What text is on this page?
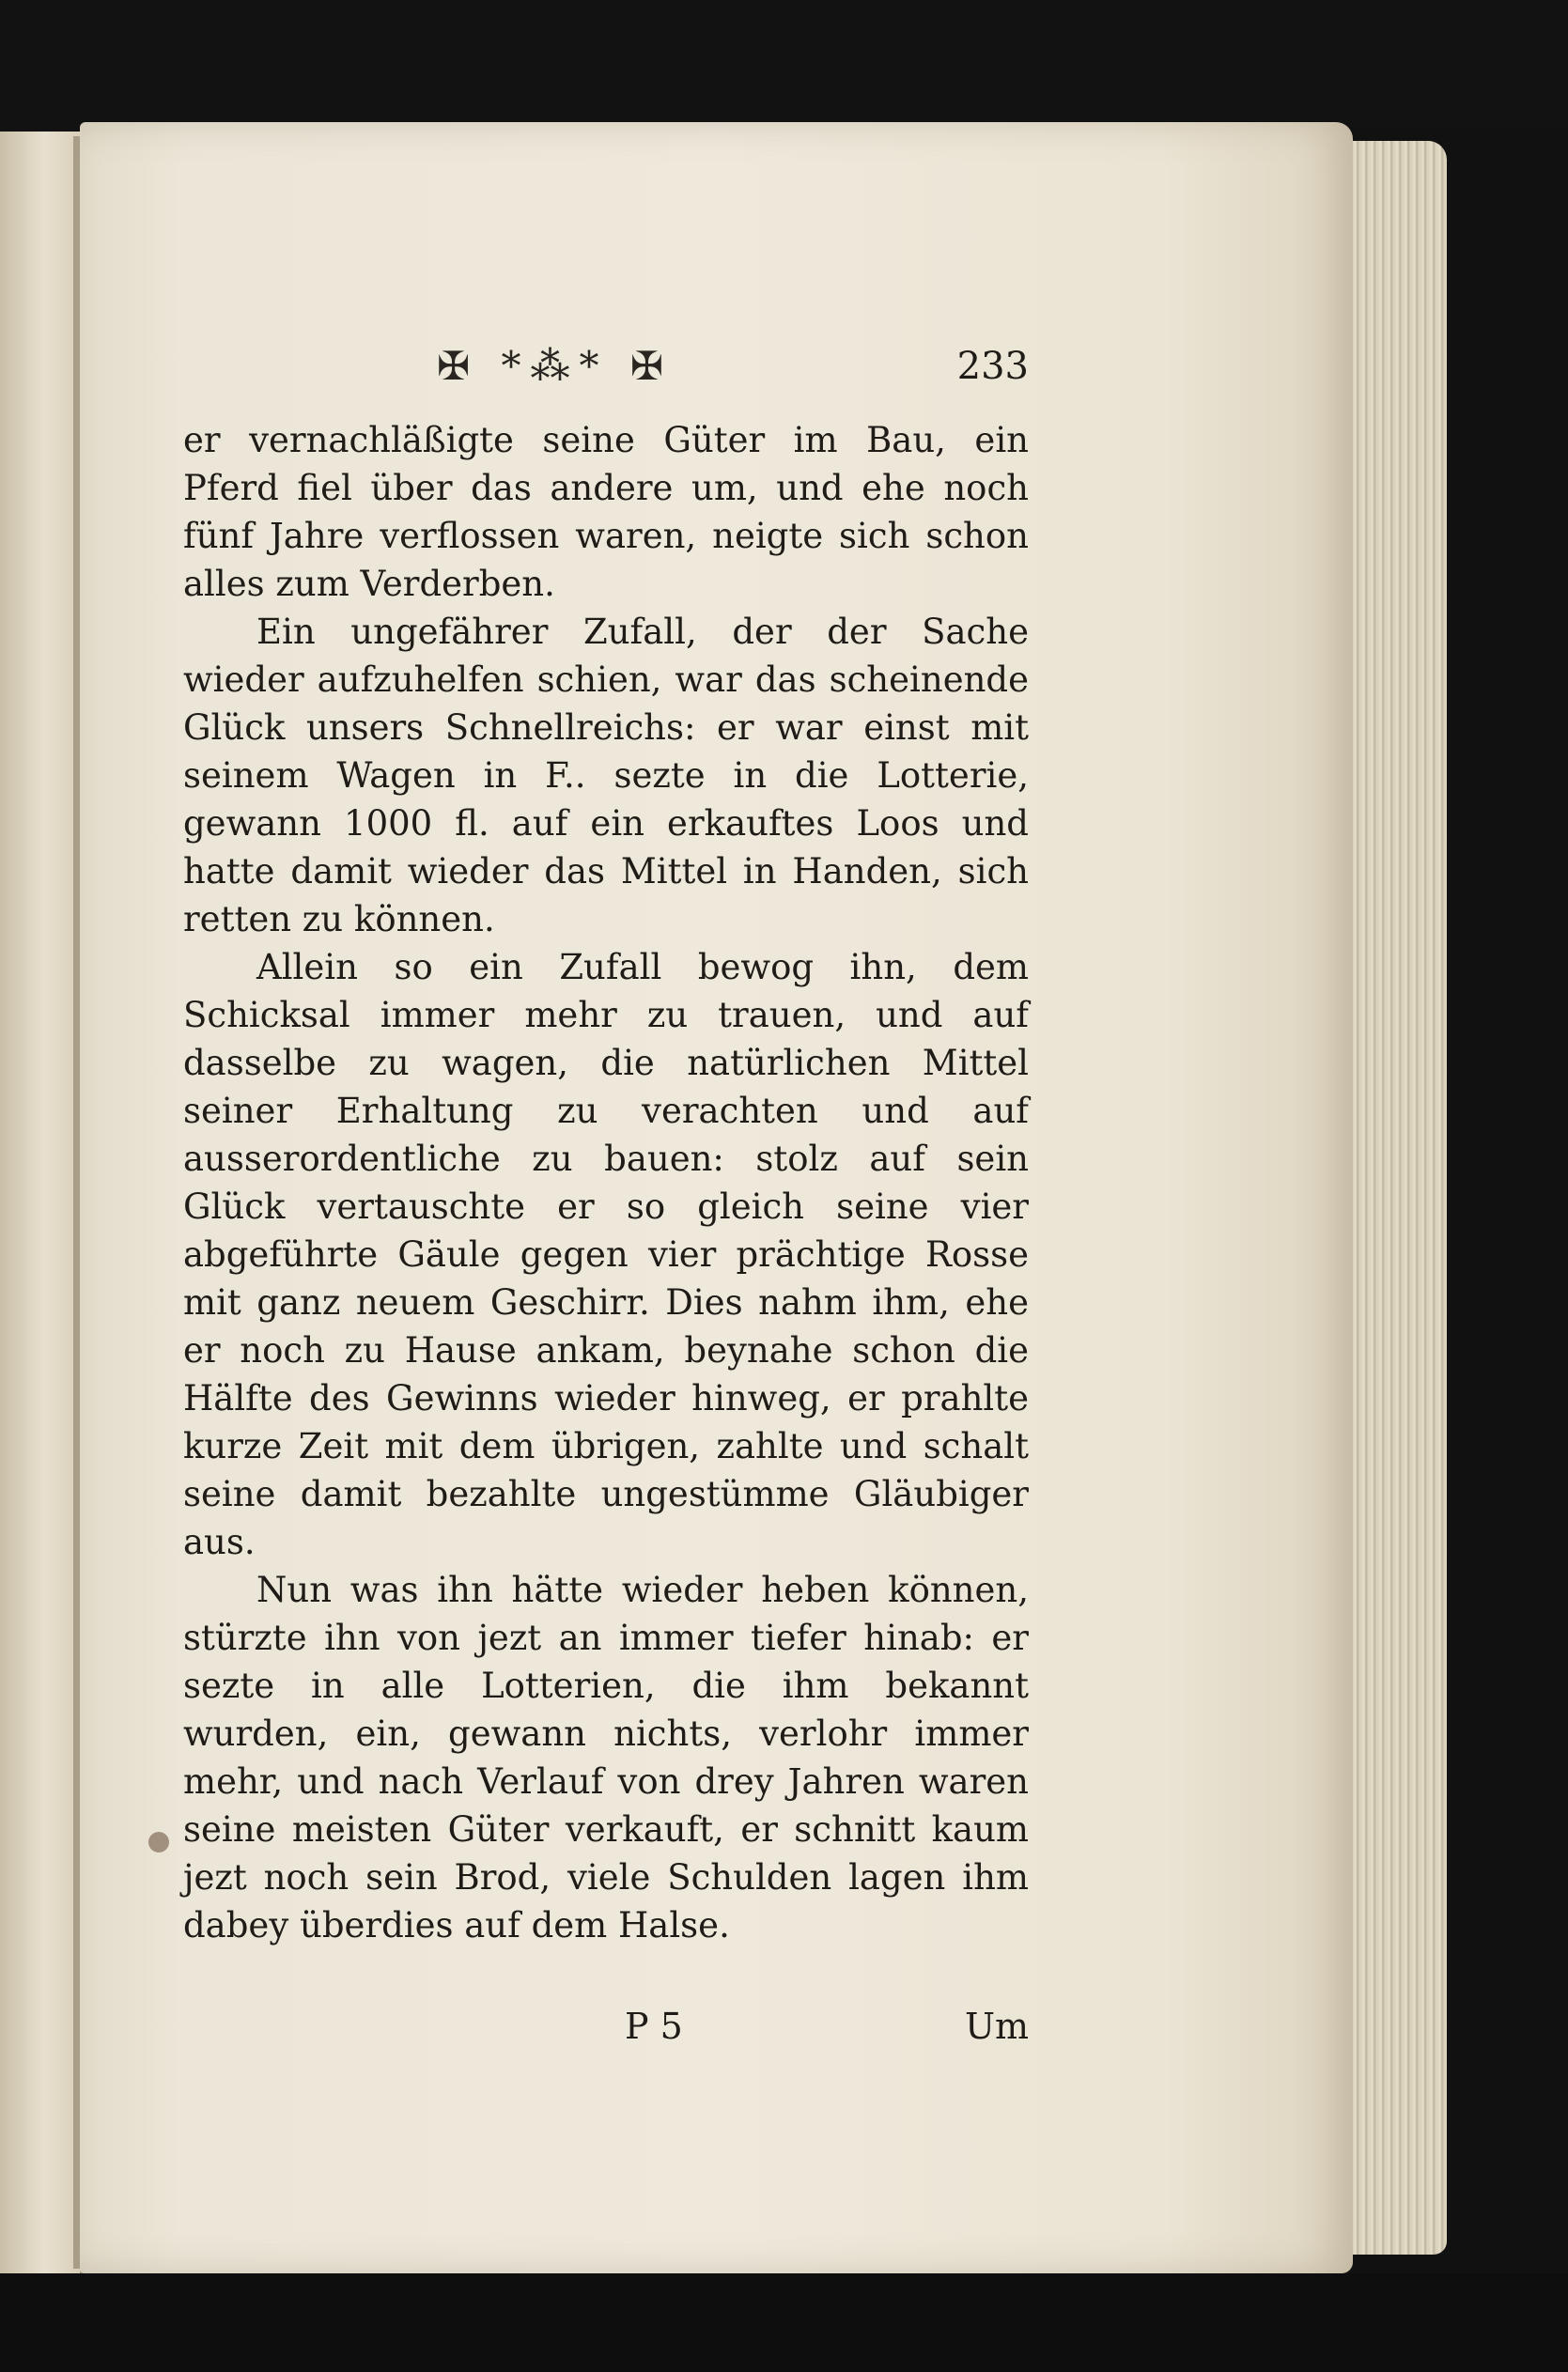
✠ *⁂* ✠	233

er vernachläßigte seine Güter im Bau, ein Pferd fiel über das andere um, und ehe noch fünf Jahre verflossen waren, neigte sich schon alles zum Verderben.

Ein ungefährer Zufall, der der Sache wieder aufzuhelfen schien, war das scheinende Glück unsers Schnellreichs: er war einst mit seinem Wagen in F.. sezte in die Lotterie, gewann 1000 fl. auf ein erkauftes Loos und hatte damit wieder das Mittel in Handen, sich retten zu können.

Allein so ein Zufall bewog ihn, dem Schicksal immer mehr zu trauen, und auf dasselbe zu wagen, die natürlichen Mittel seiner Erhaltung zu verachten und auf ausserordentliche zu bauen: stolz auf sein Glück vertauschte er so gleich seine vier abgeführte Gäule gegen vier prächtige Rosse mit ganz neuem Geschirr. Dies nahm ihm, ehe er noch zu Hause ankam, beynahe schon die Hälfte des Gewinns wieder hinweg, er prahlte kurze Zeit mit dem übrigen, zahlte und schalt seine damit bezahlte ungestümme Gläubiger aus.

Nun was ihn hätte wieder heben können, stürzte ihn von jezt an immer tiefer hinab: er sezte in alle Lotterien, die ihm bekannt wurden, ein, gewann nichts, verlohr immer mehr, und nach Verlauf von drey Jahren waren seine meisten Güter verkauft, er schnitt kaum jezt noch sein Brod, viele Schulden lagen ihm dabey überdies auf dem Halse.

P 5	Um
